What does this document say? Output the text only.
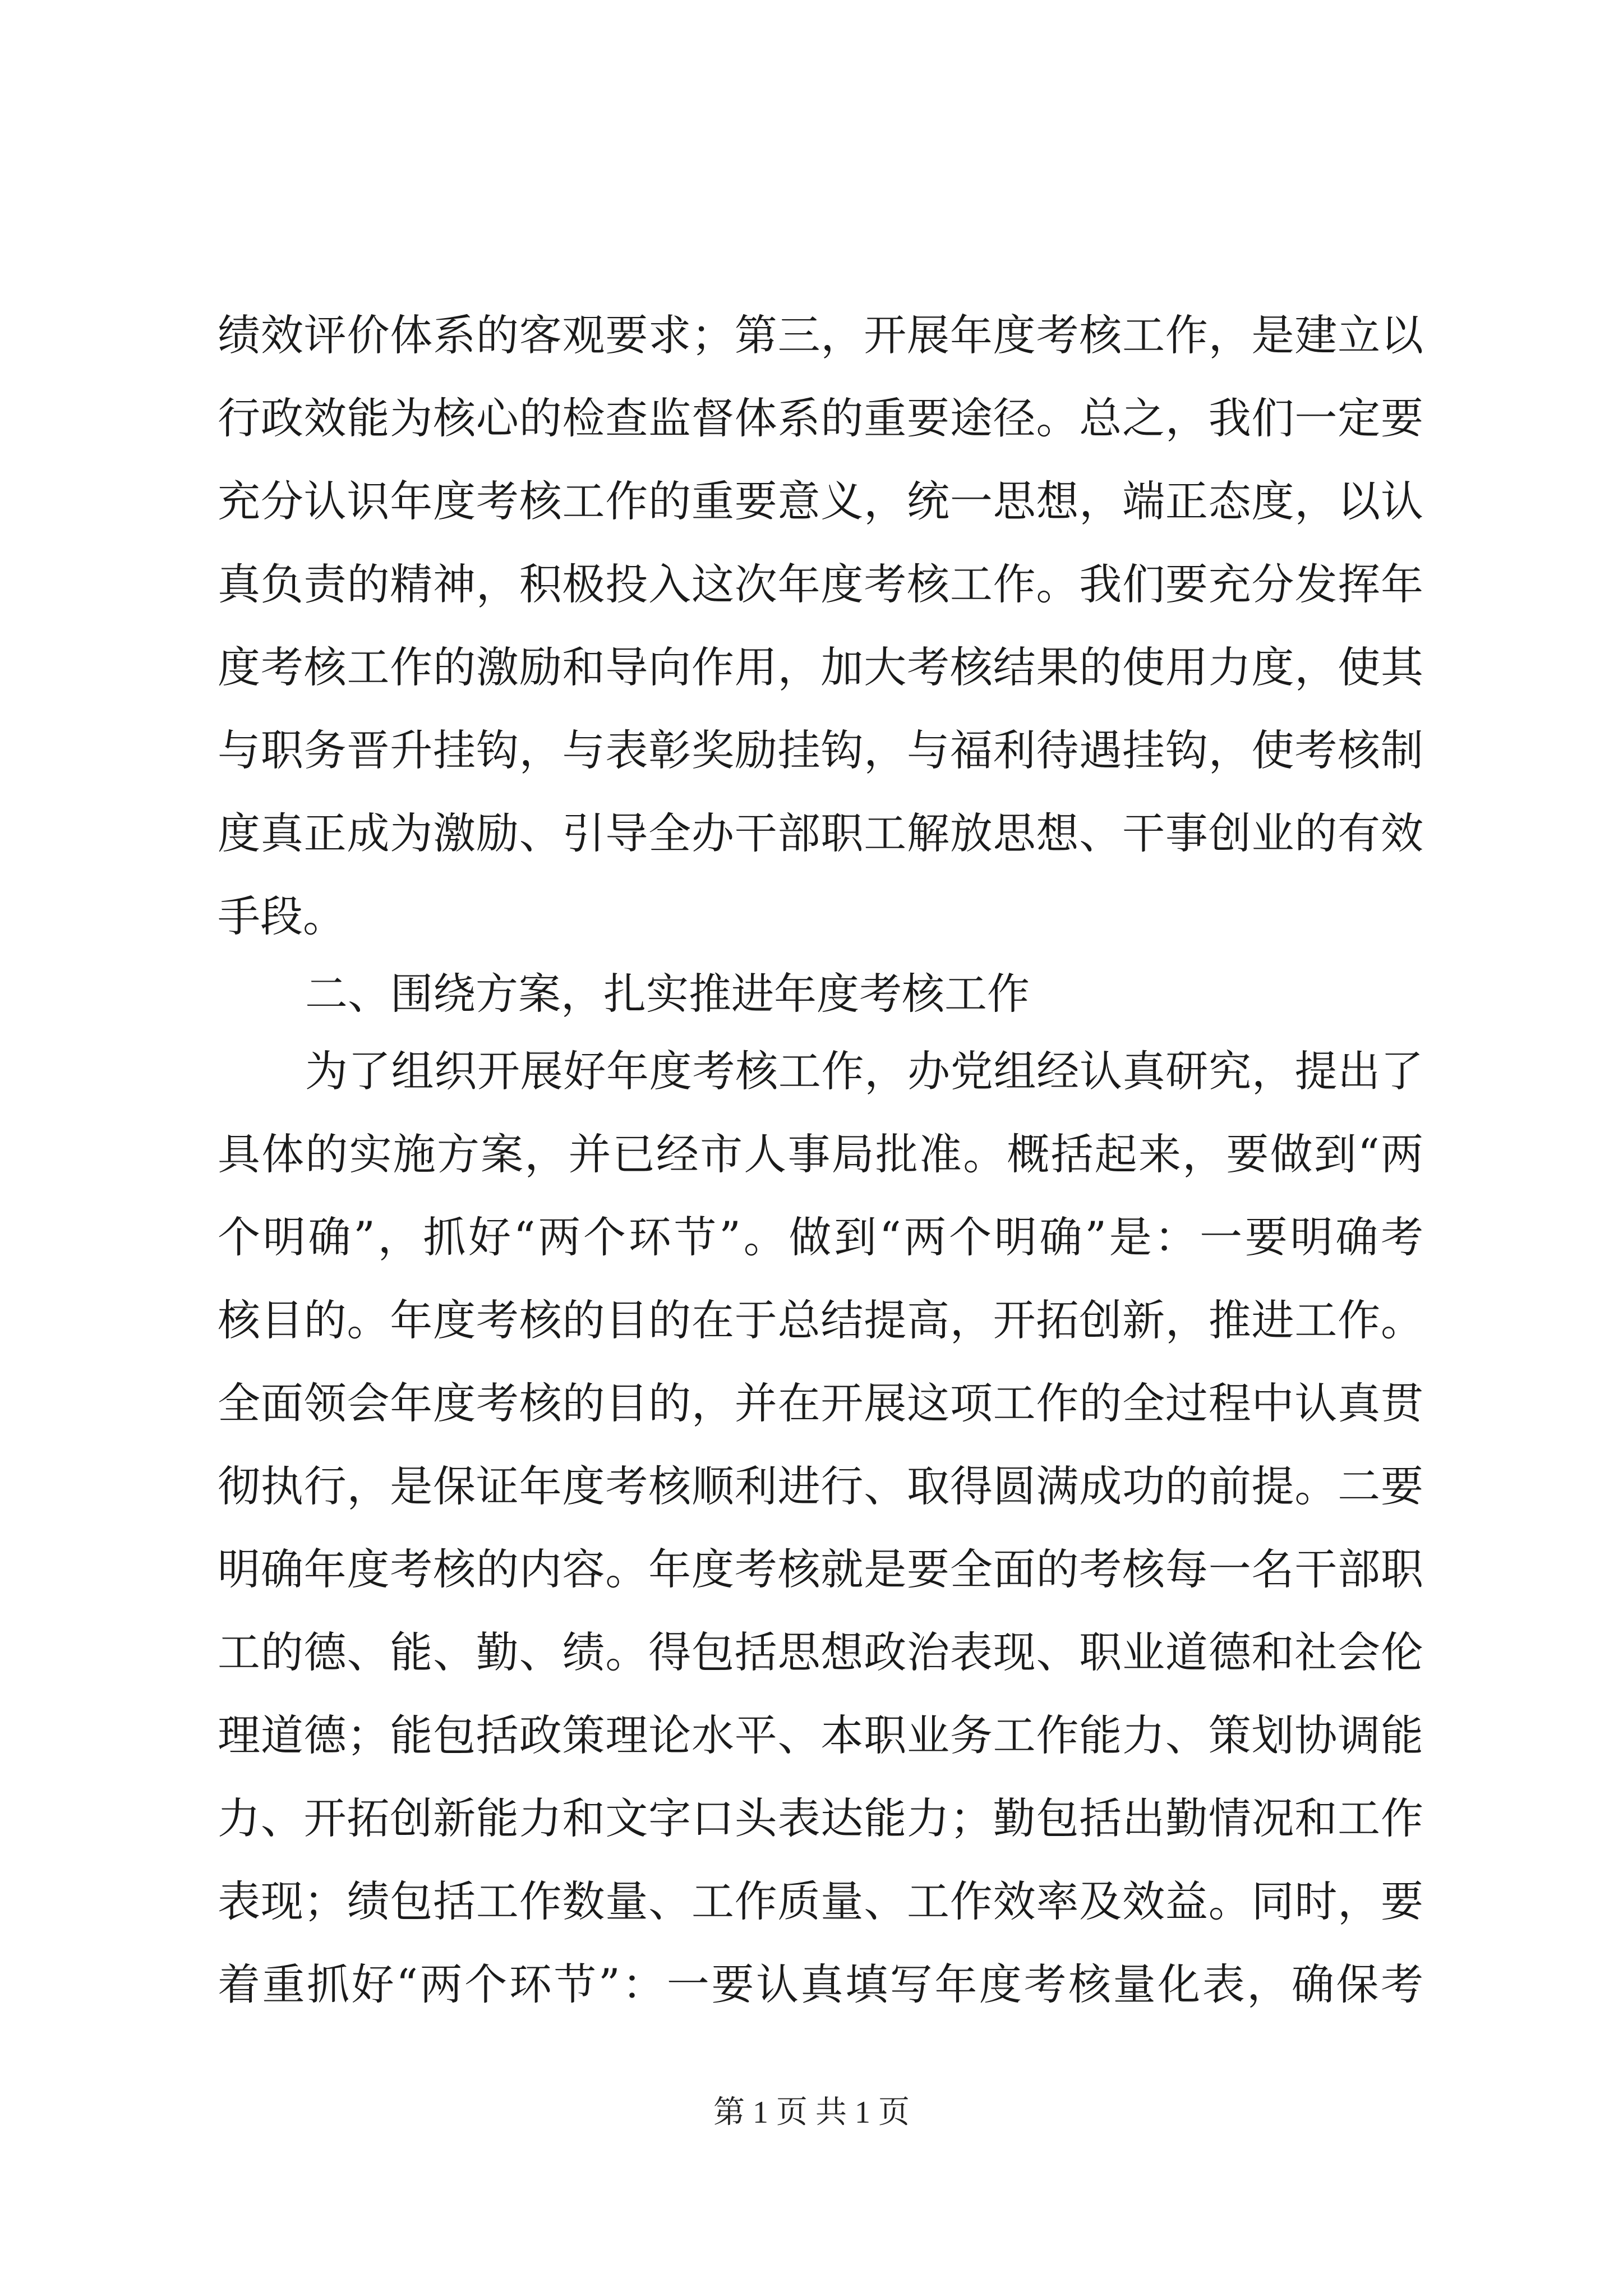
绩效评价体系的客观要求；第三，开展年度考核工作，是建立以
行政效能为核心的检查监督体系的重要途径。总之，我们一定要
充分认识年度考核工作的重要意义，统一思想，端正态度，以认
真负责的精神，积极投入这次年度考核工作。我们要充分发挥年
度考核工作的激励和导向作用，加大考核结果的使用力度，使其
与职务晋升挂钩，与表彰奖励挂钩，与福利待遇挂钩，使考核制
度真正成为激励、引导全办干部职工解放思想、干事创业的有效
手段。
二、围绕方案，扎实推进年度考核工作
为了组织开展好年度考核工作，办党组经认真研究，提出了
具体的实施方案，并已经市人事局批准。概括起来，要做到“两
个明确”，抓好“两个环节”。做到“两个明确”是：一要明确考
核目的。年度考核的目的在于总结提高，开拓创新，推进工作。
全面领会年度考核的目的，并在开展这项工作的全过程中认真贯
彻执行，是保证年度考核顺利进行、取得圆满成功的前提。二要
明确年度考核的内容。年度考核就是要全面的考核每一名干部职
工的德、能、勤、绩。得包括思想政治表现、职业道德和社会伦
理道德；能包括政策理论水平、本职业务工作能力、策划协调能
力、开拓创新能力和文字口头表达能力；勤包括出勤情况和工作
表现；绩包括工作数量、工作质量、工作效率及效益。同时，要
着重抓好“两个环节”：一要认真填写年度考核量化表，确保考
第 1 页 共 1 页
